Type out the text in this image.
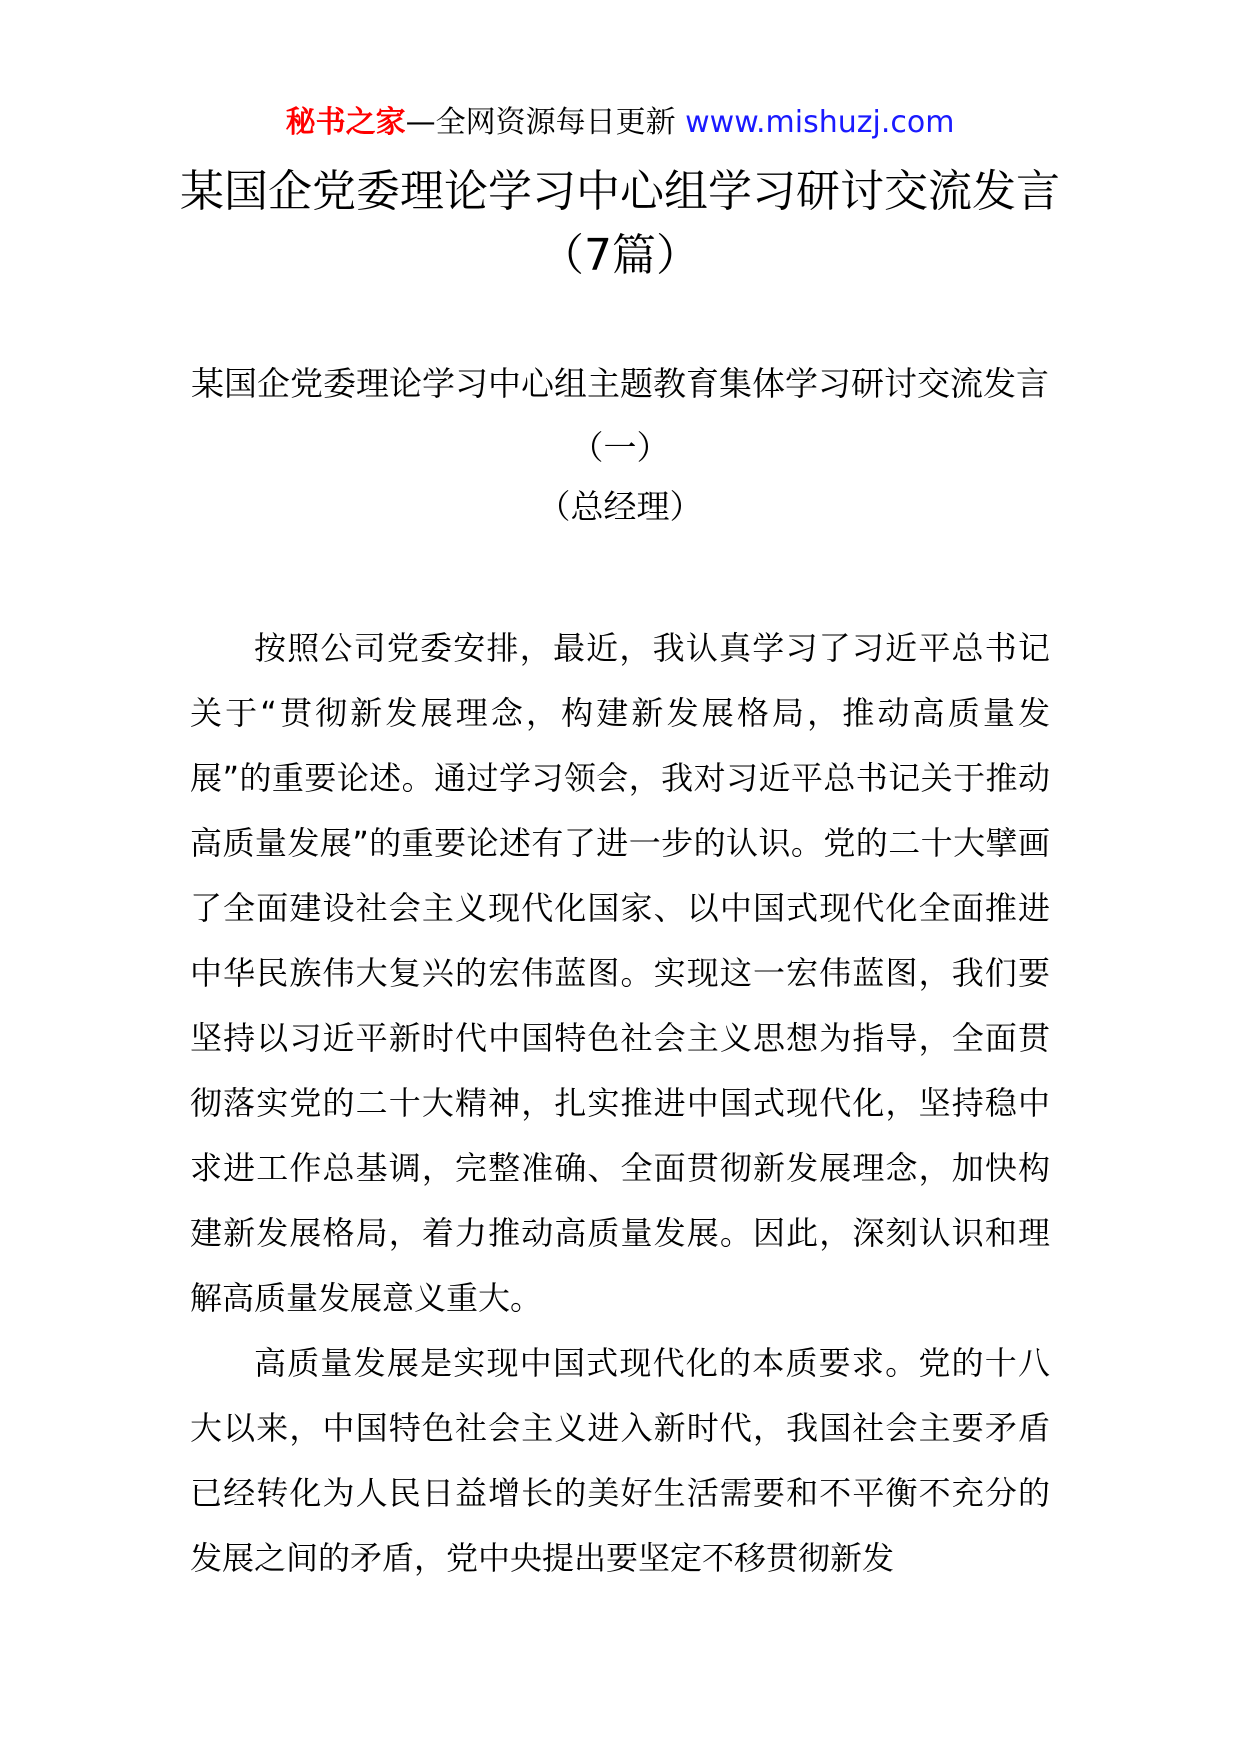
秘书之家—全网资源每日更新 www.mishuzj.com
某国企党委理论学习中心组学习研讨交流发言（7篇）
某国企党委理论学习中心组主题教育集体学习研讨交流发言（一）
（总经理）

按照公司党委安排，最近，我认真学习了习近平总书记关于“贯彻新发展理念，构建新发展格局，推动高质量发展”的重要论述。通过学习领会，我对习近平总书记关于推动高质量发展”的重要论述有了进一步的认识。党的二十大擘画了全面建设社会主义现代化国家、以中国式现代化全面推进中华民族伟大复兴的宏伟蓝图。实现这一宏伟蓝图，我们要坚持以习近平新时代中国特色社会主义思想为指导，全面贯彻落实党的二十大精神，扎实推进中国式现代化，坚持稳中求进工作总基调，完整准确、全面贯彻新发展理念，加快构建新发展格局，着力推动高质量发展。因此，深刻认识和理解高质量发展意义重大。

高质量发展是实现中国式现代化的本质要求。党的十八大以来，中国特色社会主义进入新时代，我国社会主要矛盾已经转化为人民日益增长的美好生活需要和不平衡不充分的发展之间的矛盾，党中央提出要坚定不移贯彻新发
